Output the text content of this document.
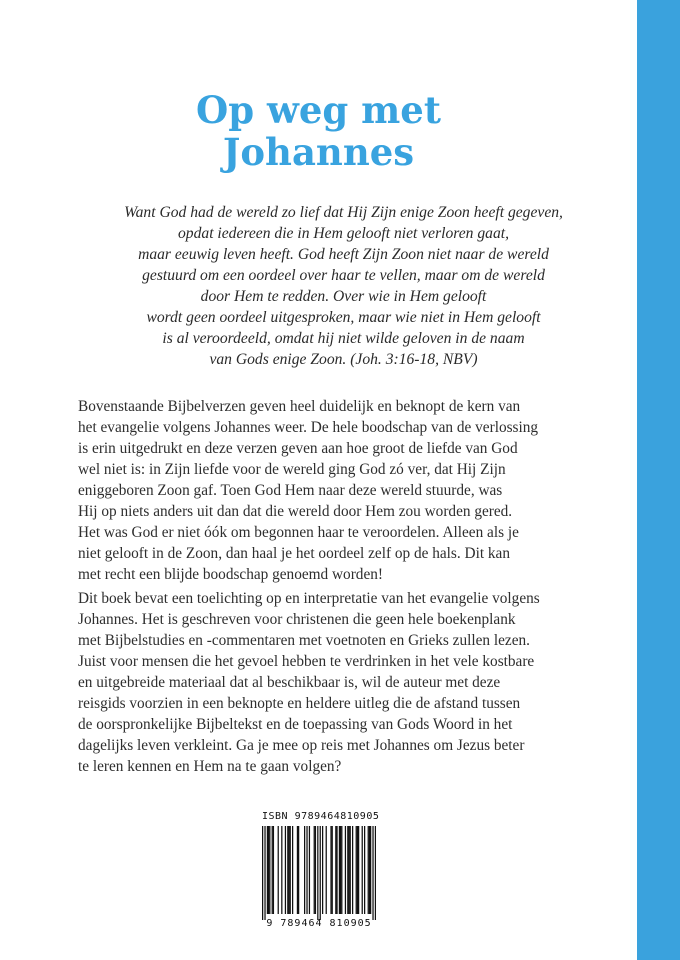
Op weg met
Johannes
Want God had de wereld zo lief dat Hij Zijn enige Zoon heeft gegeven,
opdat iedereen die in Hem gelooft niet verloren gaat,
maar eeuwig leven heeft. God heeft Zijn Zoon niet naar de wereld
gestuurd om een oordeel over haar te vellen, maar om de wereld
door Hem te redden. Over wie in Hem gelooft
wordt geen oordeel uitgesproken, maar wie niet in Hem gelooft
is al veroordeeld, omdat hij niet wilde geloven in de naam
van Gods enige Zoon. (Joh. 3:16-18, NBV)
Bovenstaande Bijbelverzen geven heel duidelijk en beknopt de kern van
het evangelie volgens Johannes weer. De hele boodschap van de verlossing
is erin uitgedrukt en deze verzen geven aan hoe groot de liefde van God
wel niet is: in Zijn liefde voor de wereld ging God zó ver, dat Hij Zijn
eniggeboren Zoon gaf. Toen God Hem naar deze wereld stuurde, was
Hij op niets anders uit dan dat die wereld door Hem zou worden gered.
Het was God er niet óók om begonnen haar te veroordelen. Alleen als je
niet gelooft in de Zoon, dan haal je het oordeel zelf op de hals. Dit kan
met recht een blijde boodschap genoemd worden!
Dit boek bevat een toelichting op en interpretatie van het evangelie volgens
Johannes. Het is geschreven voor christenen die geen hele boekenplank
met Bijbelstudies en -commentaren met voetnoten en Grieks zullen lezen.
Juist voor mensen die het gevoel hebben te verdrinken in het vele kostbare
en uitgebreide materiaal dat al beschikbaar is, wil de auteur met deze
reisgids voorzien in een beknopte en heldere uitleg die de afstand tussen
de oorspronkelijke Bijbeltekst en de toepassing van Gods Woord in het
dagelijks leven verkleint. Ga je mee op reis met Johannes om Jezus beter
te leren kennen en Hem na te gaan volgen?
ISBN 9789464810905
9 789464 810905
